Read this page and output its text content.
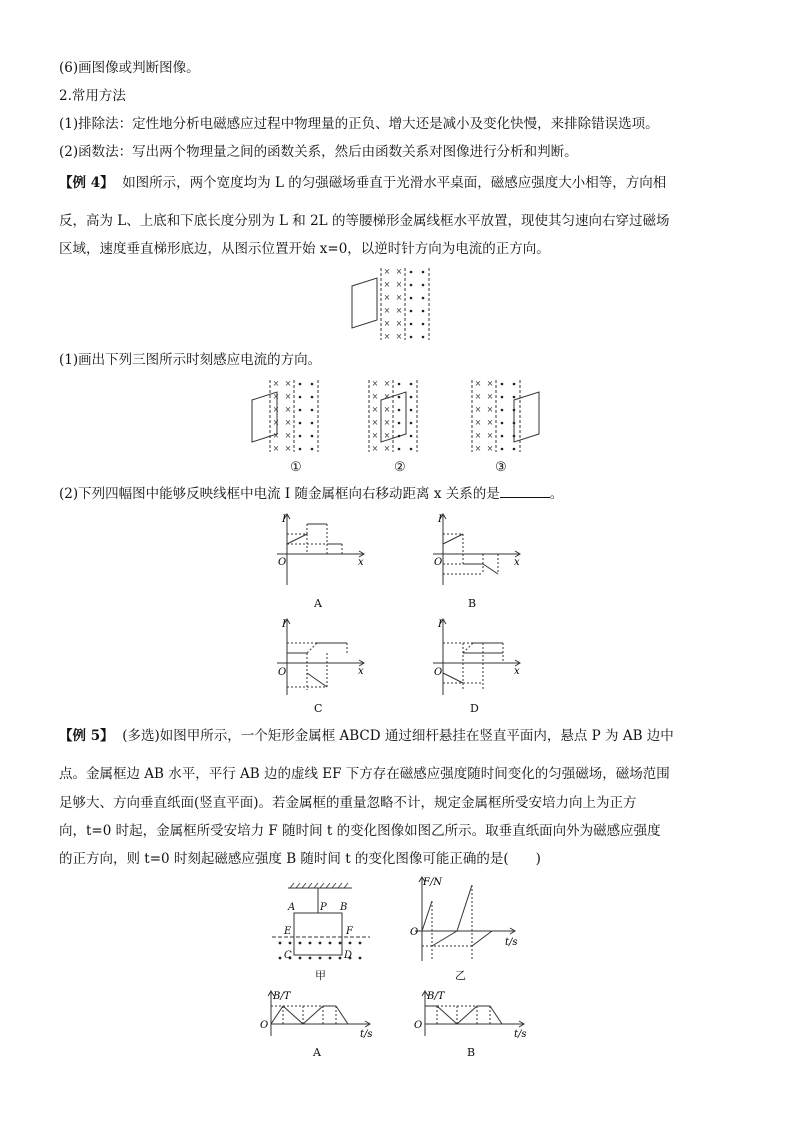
(6)画图像或判断图像。
2.常用方法
(1)排除法：定性地分析电磁感应过程中物理量的正负、增大还是减小及变化快慢，来排除错误选项。
(2)函数法：写出两个物理量之间的函数关系，然后由函数关系对图像进行分析和判断。
【例 4】 如图所示，两个宽度均为 L 的匀强磁场垂直于光滑水平桌面，磁感应强度大小相等，方向相
反，高为 L、上底和下底长度分别为 L 和 2L 的等腰梯形金属线框水平放置，现使其匀速向右穿过磁场
区域，速度垂直梯形底边，从图示位置开始 x=0，以逆时针方向为电流的正方向。
× ×
× ×
× ×
× ×
× ×
× ×
(1)画出下列三图所示时刻感应电流的方向。
× ×
× ×
× ×
× ×
× ×
× ×
× ×
× ×
× ×
× ×
× ×
× ×
× ×
× ×
× ×
× ×
× ×
× ×
①	②	③
(2)下列四幅图中能够反映线框中电流 I 随金属框向右移动距离 x 关系的是	。
I
O	x
A
I
O	x
B
I
O	x
C
I
O	x
D
【例 5】 (多选)如图甲所示，一个矩形金属框 ABCD 通过细杆悬挂在竖直平面内，悬点 P 为 AB 边中
点。金属框边 AB 水平，平行 AB 边的虚线 EF 下方存在磁感应强度随时间变化的匀强磁场，磁场范围
足够大、方向垂直纸面(竖直平面)。若金属框的重量忽略不计，规定金属框所受安培力向上为正方
向，t=0 时起，金属框所受安培力 F 随时间 t 的变化图像如图乙所示。取垂直纸面向外为磁感应强度
的正方向，则 t=0 时刻起磁感应强度 B 随时间 t 的变化图像可能正确的是(　　)
A P B
E	F
C	D
甲
F/N
O
t/s
乙
B/T
O
t/s
A
B/T
O
t/s
B
